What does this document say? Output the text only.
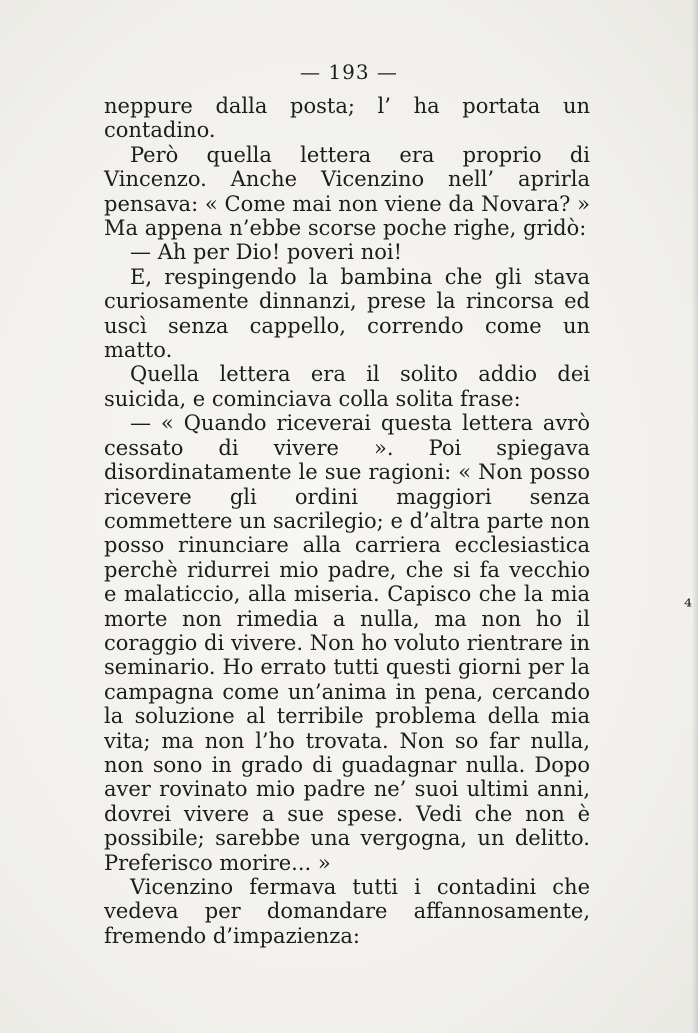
— 193 —

neppure dalla posta; l’ ha portata un contadino.

Però quella lettera era proprio di Vincenzo. Anche Vicenzino nell’ aprirla pensava: « Come mai non viene da Novara? » Ma appena n’ebbe scorse poche righe, gridò:

— Ah per Dio! poveri noi!

E, respingendo la bambina che gli stava curiosamente dinnanzi, prese la rincorsa ed uscì senza cappello, correndo come un matto.

Quella lettera era il solito addio dei suicida, e cominciava colla solita frase:

— « Quando riceverai questa lettera avrò cessato di vivere ». Poi spiegava disordinatamente le sue ragioni: « Non posso ricevere gli ordini maggiori senza commettere un sacrilegio; e d’altra parte non posso rinunciare alla carriera ecclesiastica perchè ridurrei mio padre, che si fa vecchio e malaticcio, alla miseria. Capisco che la mia morte non rimedia a nulla, ma non ho il coraggio di vivere. Non ho voluto rientrare in seminario. Ho errato tutti questi giorni per la campagna come un’anima in pena, cercando la soluzione al terribile problema della mia vita; ma non l’ho trovata. Non so far nulla, non sono in grado di guadagnar nulla. Dopo aver rovinato mio padre ne’ suoi ultimi anni, dovrei vivere a sue spese. Vedi che non è possibile; sarebbe una vergogna, un delitto. Preferisco morire... »

Vicenzino fermava tutti i contadini che vedeva per domandare affannosamente, fremendo d’impazienza:

⁴
